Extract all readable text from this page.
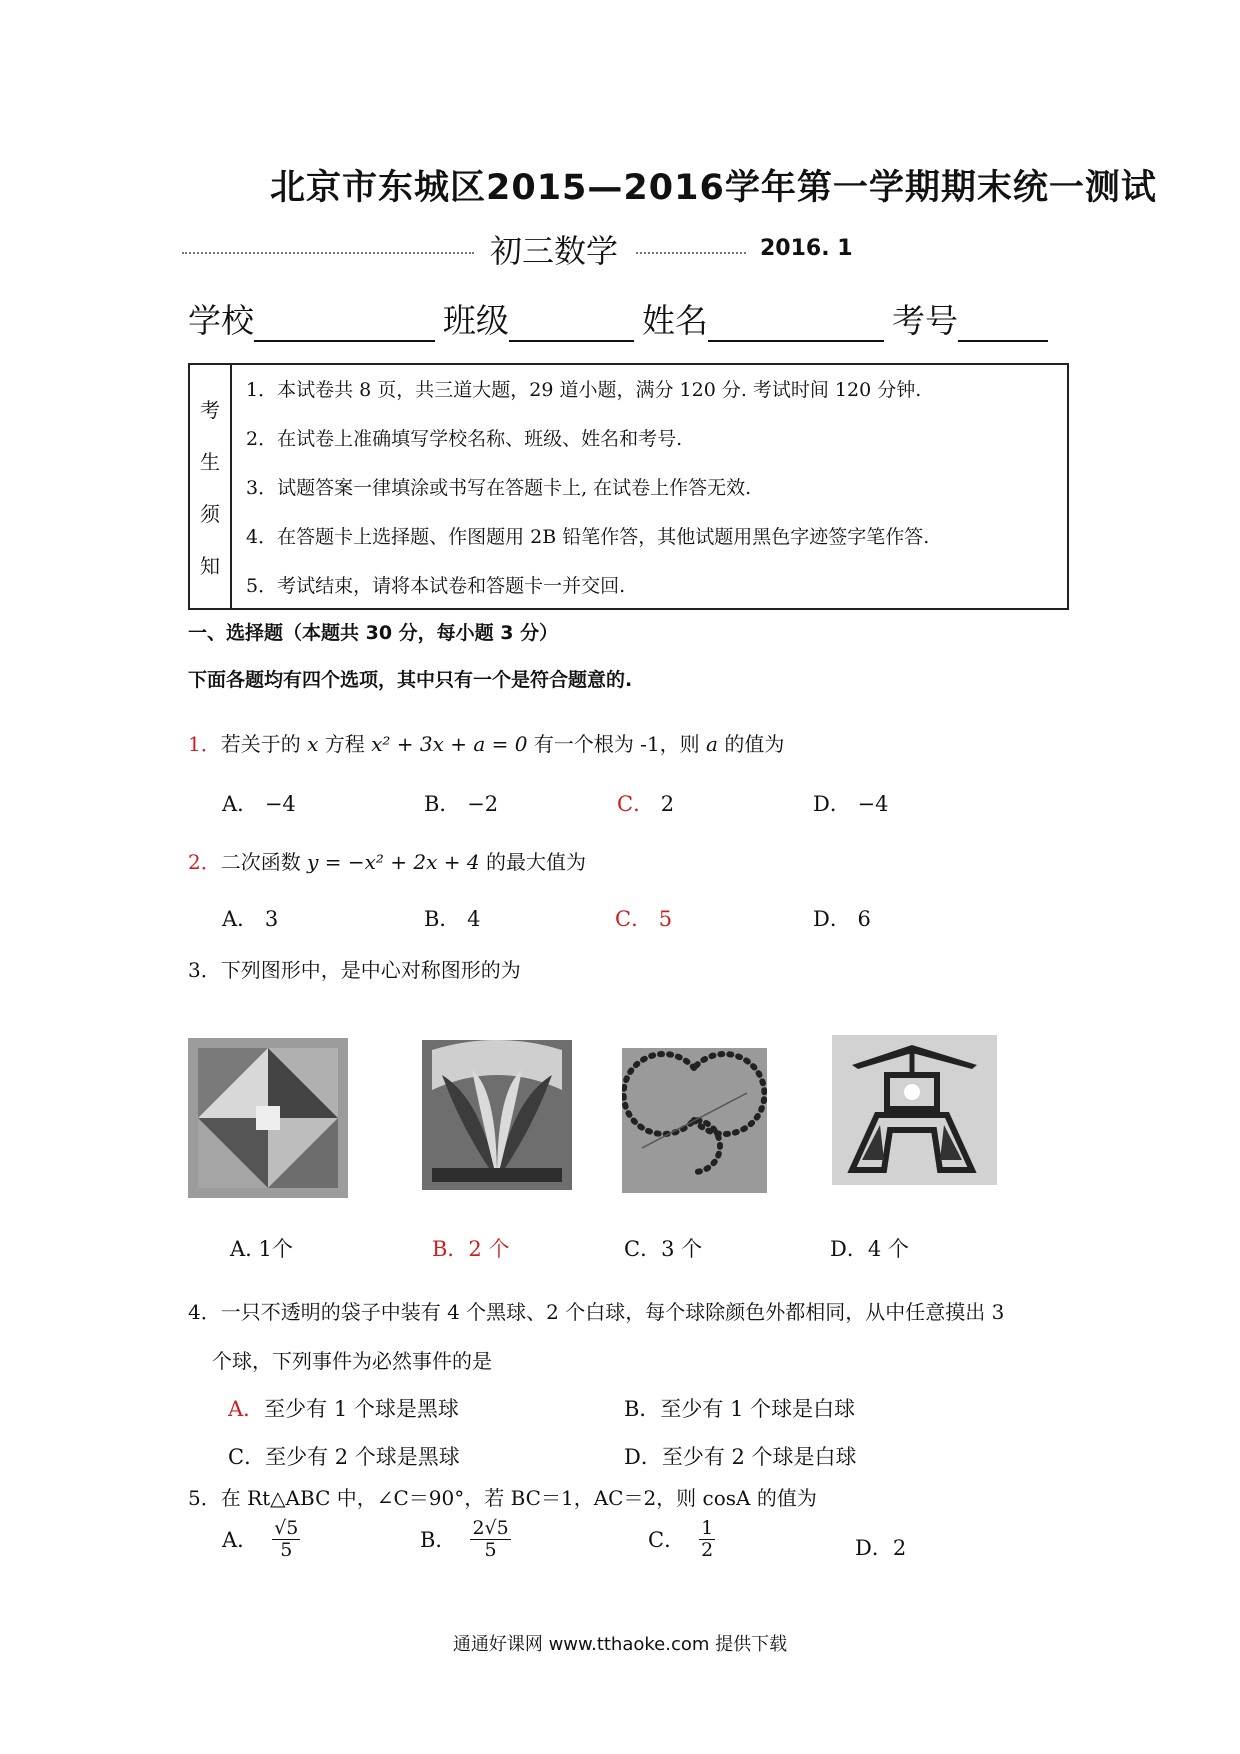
北京市东城区2015—2016学年第一学期期末统一测试
初三数学	2016. 1
学校	班级	姓名	考号
考
生
须
知
1．本试卷共 8 页，共三道大题，29 道小题，满分 120 分. 考试时间 120 分钟.
2．在试卷上准确填写学校名称、班级、姓名和考号.
3．试题答案一律填涂或书写在答题卡上, 在试卷上作答无效.
4．在答题卡上选择题、作图题用 2B 铅笔作答，其他试题用黑色字迹签字笔作答.
5．考试结束，请将本试卷和答题卡一并交回.
一、选择题（本题共 30 分，每小题 3 分）
下面各题均有四个选项，其中只有一个是符合题意的.
1．若关于的 x 方程 x² + 3x + a = 0 有一个根为 -1，则 a 的值为
A． −4	B． −2	C． 2	D． −4
2．二次函数 y = −x² + 2x + 4 的最大值为
A． 3	B． 4	C． 5	D． 6
3．下列图形中，是中心对称图形的为
A. 1个	B．2 个	C．3 个	D．4 个
4．一只不透明的袋子中装有 4 个黑球、2 个白球，每个球除颜色外都相同，从中任意摸出 3
个球，下列事件为必然事件的是
A．至少有 1 个球是黑球	B．至少有 1 个球是白球
C．至少有 2 个球是黑球	D．至少有 2 个球是白球
5．在 Rt△ABC 中，∠C＝90°，若 BC＝1，AC＝2，则 cosA 的值为
A． $\frac{√5}{5}$	B． $\frac{2√5}{5}$	C． $\frac{1}{2}$	D．2
通通好课网 www.tthaoke.com 提供下载
